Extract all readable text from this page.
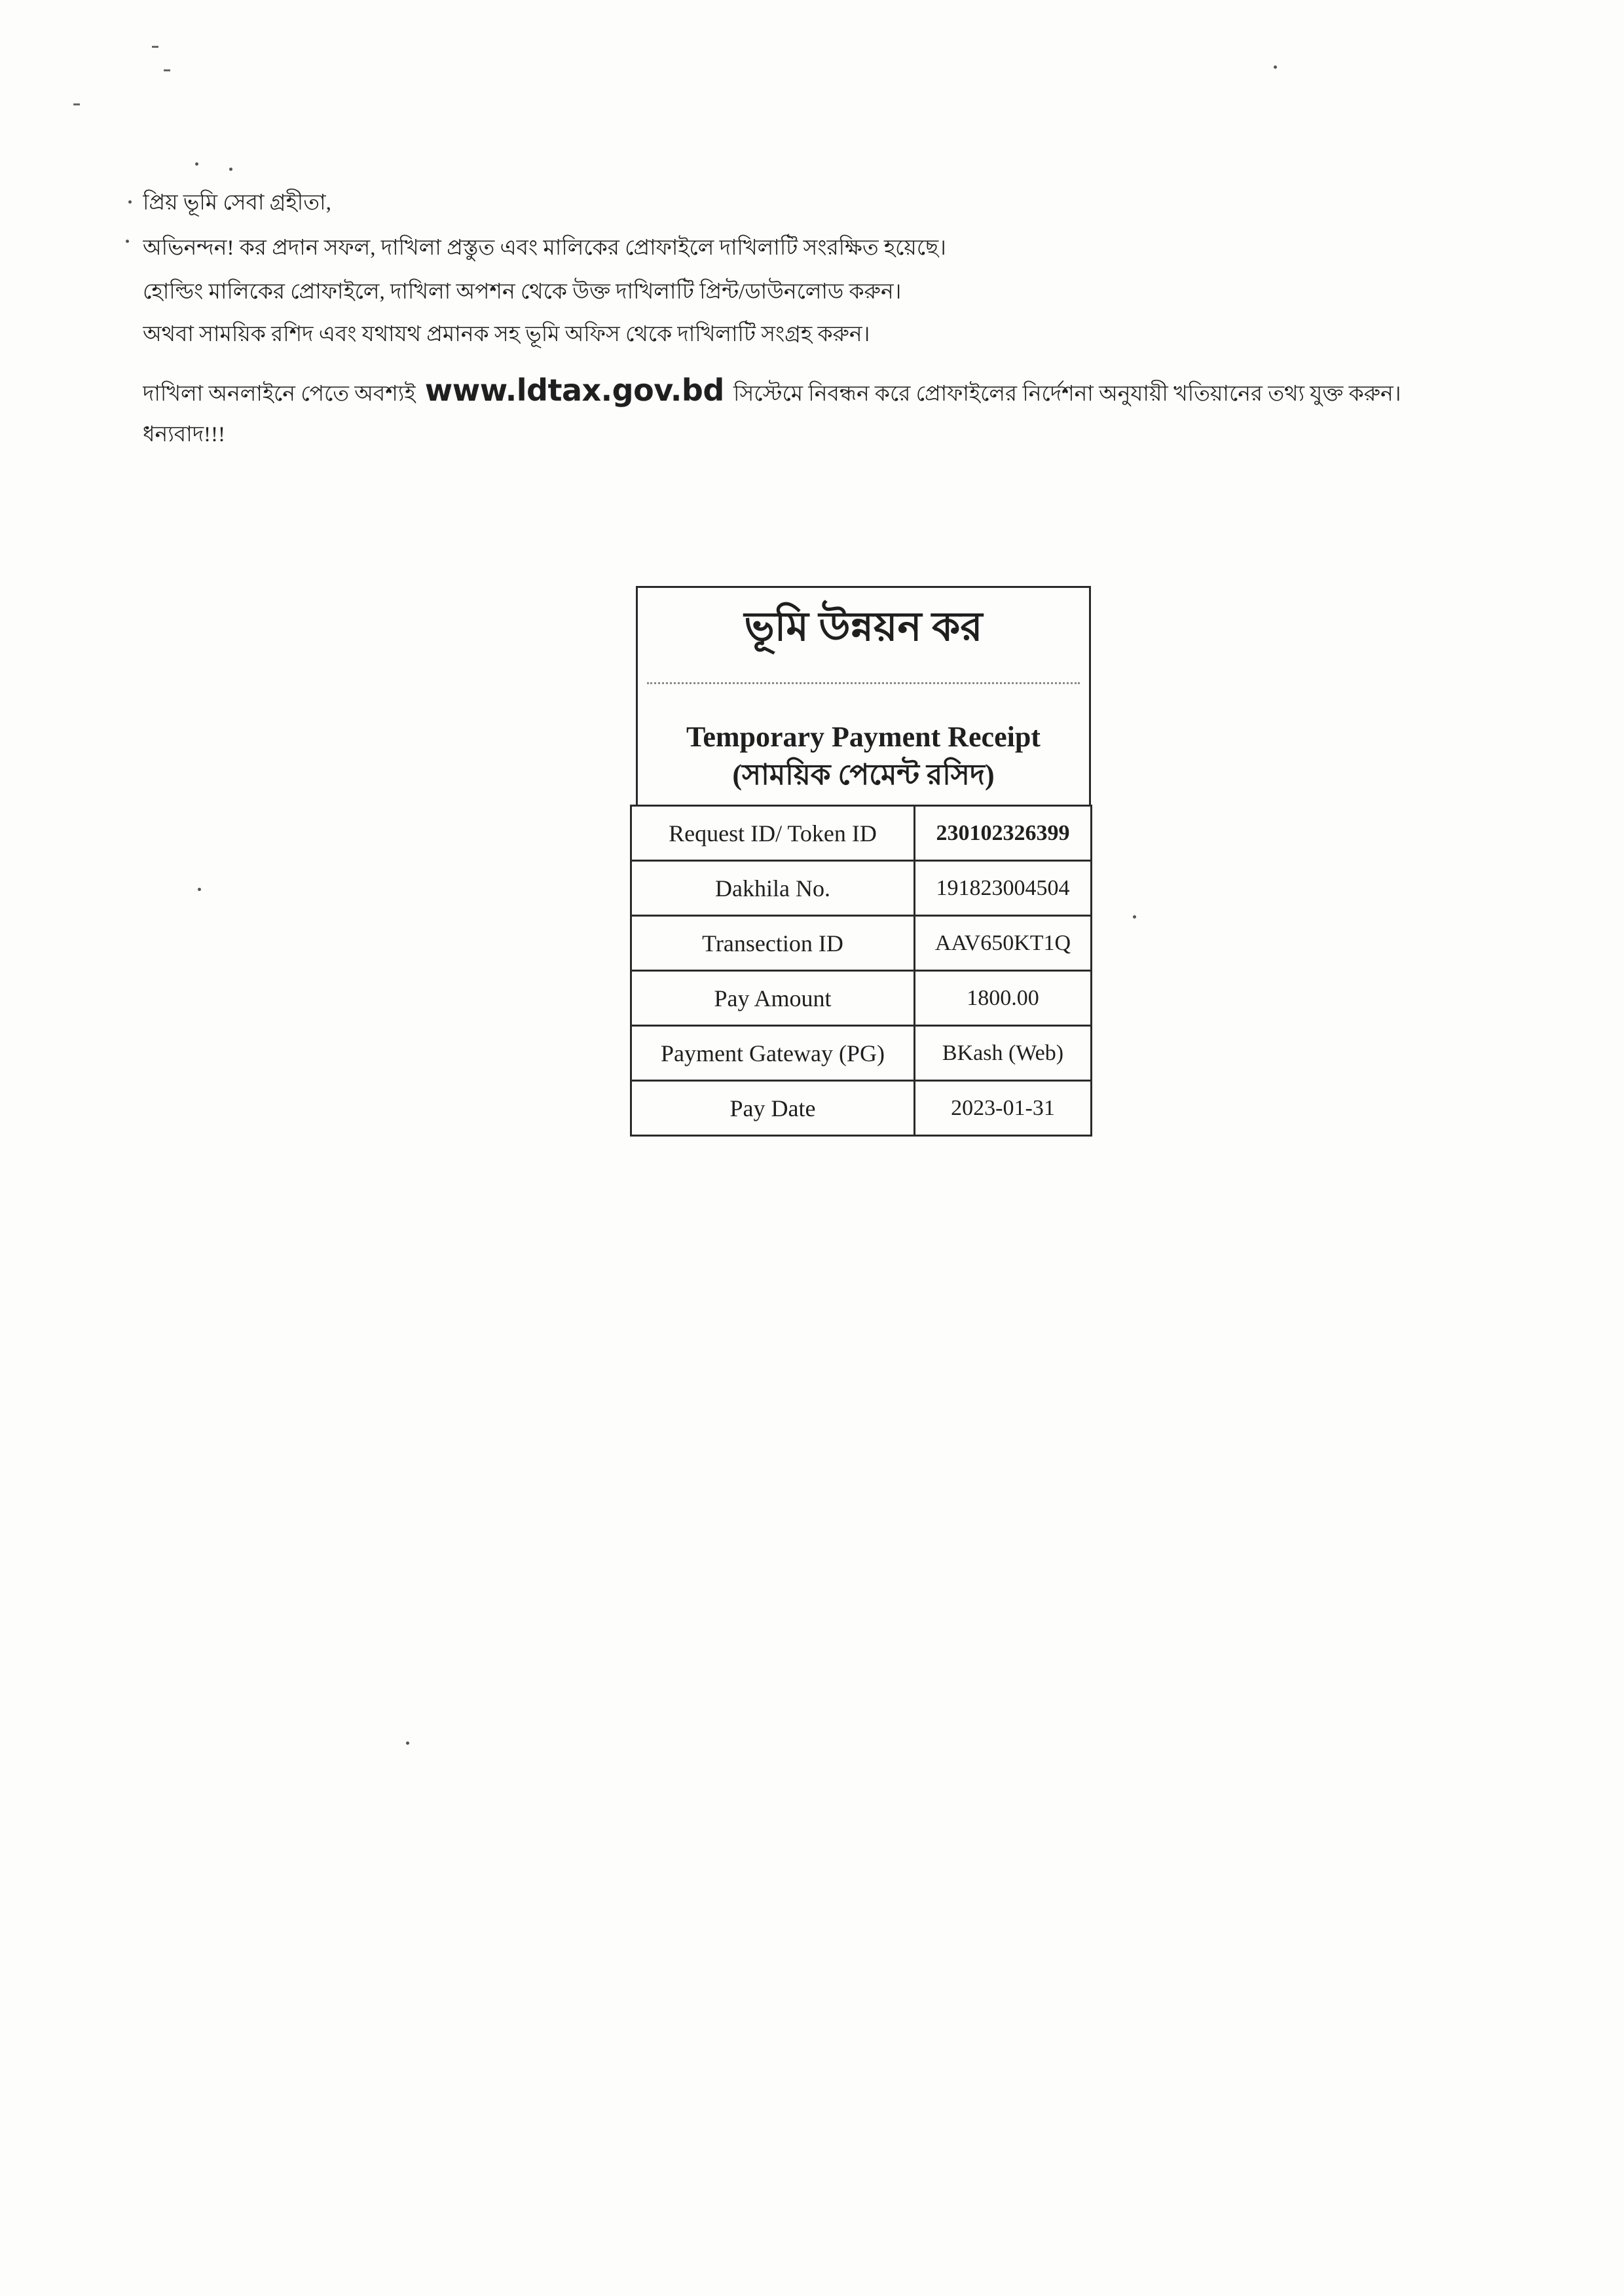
প্রিয় ভূমি সেবা গ্রহীতা,
অভিনন্দন! কর প্রদান সফল, দাখিলা প্রস্তুত এবং মালিকের প্রোফাইলে দাখিলাটি সংরক্ষিত হয়েছে।
হোল্ডিং মালিকের প্রোফাইলে, দাখিলা অপশন থেকে উক্ত দাখিলাটি প্রিন্ট/ডাউনলোড করুন।
অথবা সাময়িক রশিদ এবং যথাযথ প্রমানক সহ ভূমি অফিস থেকে দাখিলাটি সংগ্রহ করুন।
দাখিলা অনলাইনে পেতে অবশ্যই www.ldtax.gov.bd সিস্টেমে নিবন্ধন করে প্রোফাইলের নির্দেশনা অনুযায়ী খতিয়ানের তথ্য যুক্ত করুন।
ধন্যবাদ!!!
ভূমি উন্নয়ন কর
Temporary Payment Receipt
(সাময়িক পেমেন্ট রসিদ)
Request ID/ Token ID	230102326399
Dakhila No.	191823004504
Transection ID	AAV650KT1Q
Pay Amount	1800.00
Payment Gateway (PG)	BKash (Web)
Pay Date	2023-01-31
